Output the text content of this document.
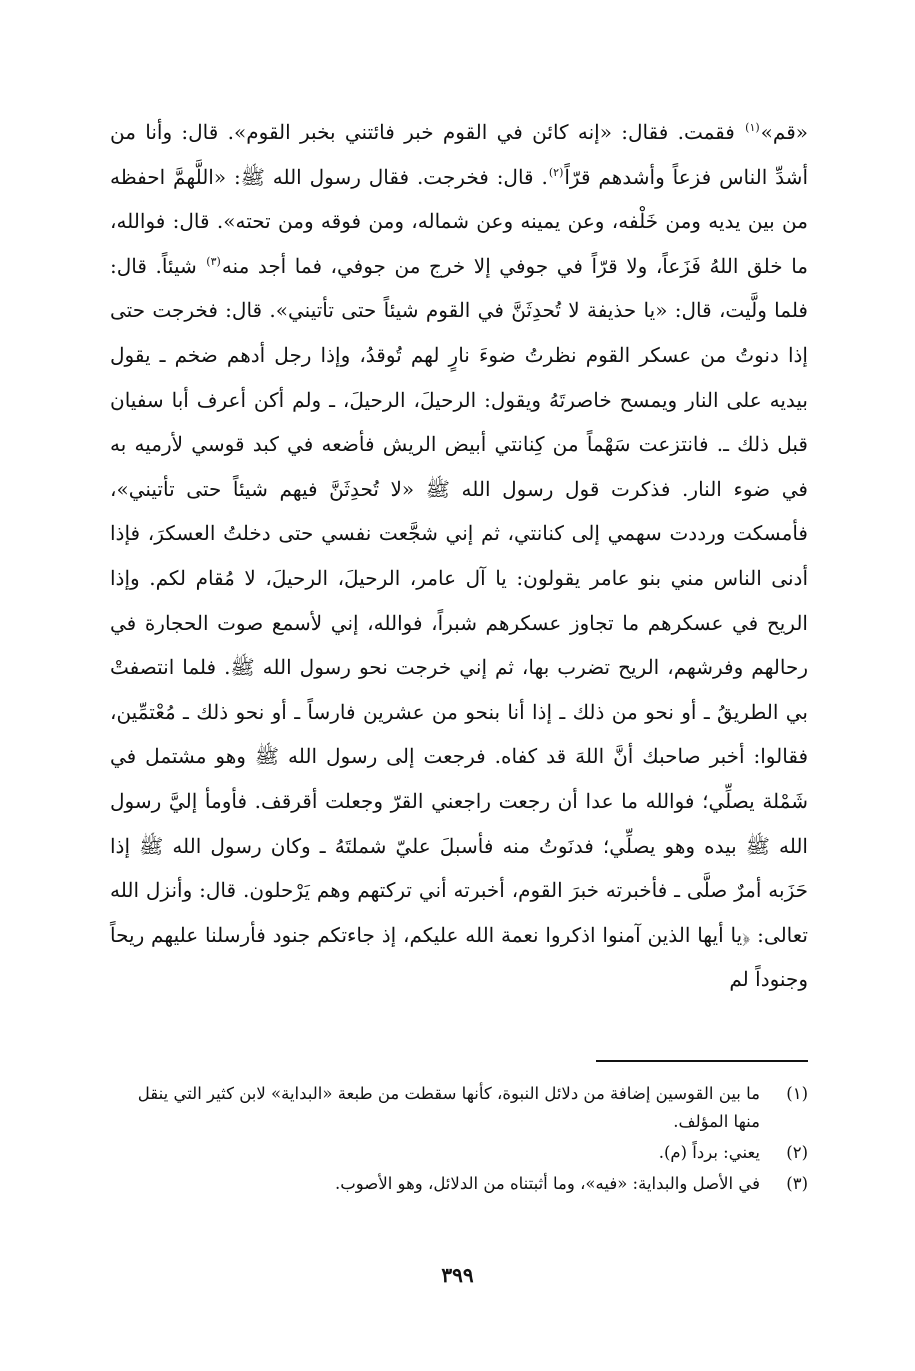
«قم»$^{(١)}$ فقمت. فقال: «إنه كائن في القوم خبر فائتني بخبر القوم». قال: وأنا من أشدِّ الناس فزعاً وأشدهم قرّاً$^{(٢)}$. قال: فخرجت. فقال رسول الله ﷺ: «اللَّهمَّ احفظه من بين يديه ومن خَلْفه، وعن يمينه وعن شماله، ومن فوقه ومن تحته». قال: فوالله، ما خلق اللهُ فَزَعاً، ولا قرّاً في جوفي إلا خرج من جوفي، فما أجد منه$^{(٣)}$ شيئاً. قال: فلما ولَّيت، قال: «يا حذيفة لا تُحدِثَنَّ في القوم شيئاً حتى تأتيني». قال: فخرجت حتى إذا دنوتُ من عسكر القوم نظرتُ ضوءَ نارٍ لهم تُوقدُ، وإذا رجل أدهم ضخم ـ يقول بيديه على النار ويمسح خاصرتَهُ ويقول: الرحيلَ، الرحيلَ، ـ ولم أكن أعرف أبا سفيان قبل ذلك ـ. فانتزعت سَهْماً من كِنانتي أبيض الريش فأضعه في كبد قوسي لأرميه به في ضوء النار. فذكرت قول رسول الله ﷺ «لا تُحدِثَنَّ فيهم شيئاً حتى تأتيني»، فأمسكت ورددت سهمي إلى كنانتي، ثم إني شجَّعت نفسي حتى دخلتُ العسكرَ، فإذا أدنى الناس مني بنو عامر يقولون: يا آل عامر، الرحيلَ، الرحيلَ، لا مُقام لكم. وإذا الريح في عسكرهم ما تجاوز عسكرهم شبراً، فوالله، إني لأسمع صوت الحجارة في رحالهم وفرشهم، الريح تضرب بها، ثم إني خرجت نحو رسول الله ﷺ. فلما انتصفتْ بي الطريقُ ـ أو نحو من ذلك ـ إذا أنا بنحو من عشرين فارساً ـ أو نحو ذلك ـ مُعْتمِّين، فقالوا: أخبر صاحبك أنَّ اللهَ قد كفاه. فرجعت إلى رسول الله ﷺ وهو مشتمل في شَمْلة يصلِّي؛ فوالله ما عدا أن رجعت راجعني القرّ وجعلت أقرقف. فأومأ إليَّ رسول الله ﷺ بيده وهو يصلِّي؛ فدنَوتُ منه فأسبلَ عليّ شملتَهُ ـ وكان رسول الله ﷺ إذا حَزَبه أمرٌ صلَّى ـ فأخبرته خبرَ القوم، أخبرته أني تركتهم وهم يَرْحلون. قال: وأنزل الله تعالى: ﴿يا أيها الذين آمنوا اذكروا نعمة الله عليكم، إذ جاءتكم جنود فأرسلنا عليهم ريحاً وجنوداً لم

(١)
ما بين القوسين إضافة من دلائل النبوة، كأنها سقطت من طبعة «البداية» لابن كثير التي ينقل منها المؤلف.
(٢)
يعني: برداً (م).
(٣)
في الأصل والبداية: «فيه»، وما أثبتناه من الدلائل، وهو الأصوب.
٣٩٩
